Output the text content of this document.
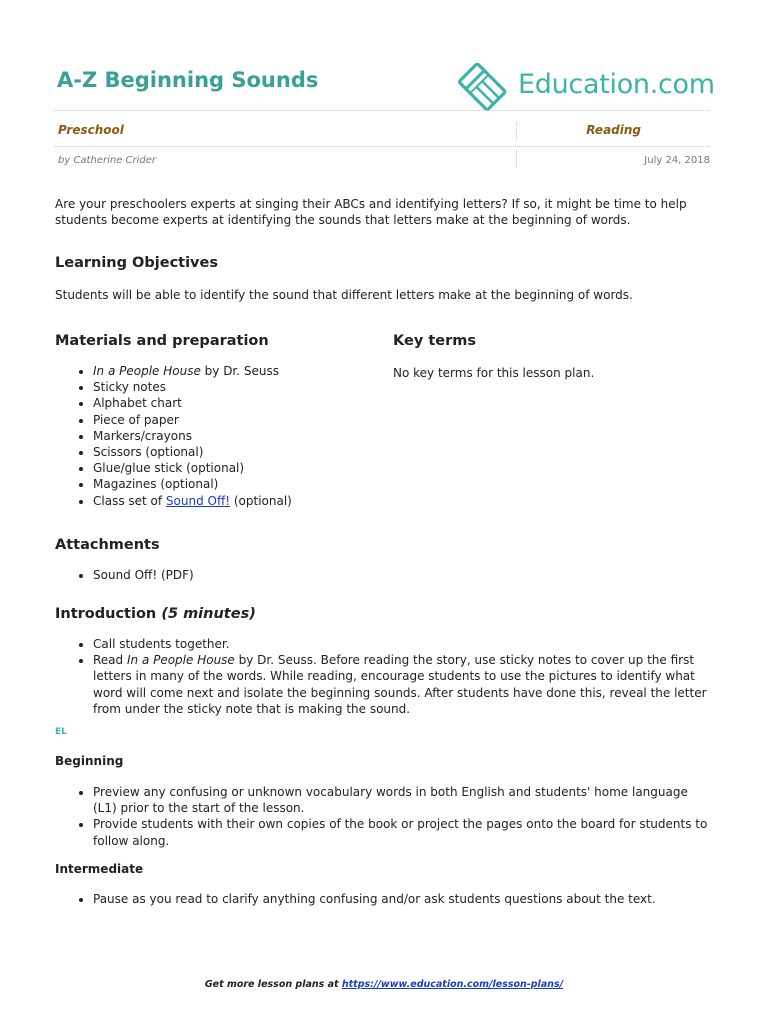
A-Z Beginning Sounds	Education.com
Preschool	Reading
by Catherine Crider	July 24, 2018

Are your preschoolers experts at singing their ABCs and identifying letters? If so, it might be time to help students become experts at identifying the sounds that letters make at the beginning of words.

Learning Objectives

Students will be able to identify the sound that different letters make at the beginning of words.

Materials and preparation
• In a People House by Dr. Seuss
• Sticky notes
• Alphabet chart
• Piece of paper
• Markers/crayons
• Scissors (optional)
• Glue/glue stick (optional)
• Magazines (optional)
• Class set of Sound Off! (optional)
Key terms

No key terms for this lesson plan.

Attachments
• Sound Off! (PDF)
Introduction (5 minutes)
• Call students together.
• Read In a People House by Dr. Seuss. Before reading the story, use sticky notes to cover up the first letters in many of the words. While reading, encourage students to use the pictures to identify what word will come next and isolate the beginning sounds. After students have done this, reveal the letter from under the sticky note that is making the sound.
EL
Beginning
• Preview any confusing or unknown vocabulary words in both English and students' home language (L1) prior to the start of the lesson.
• Provide students with their own copies of the book or project the pages onto the board for students to follow along.
Intermediate
• Pause as you read to clarify anything confusing and/or ask students questions about the text.
Get more lesson plans at https://www.education.com/lesson-plans/
